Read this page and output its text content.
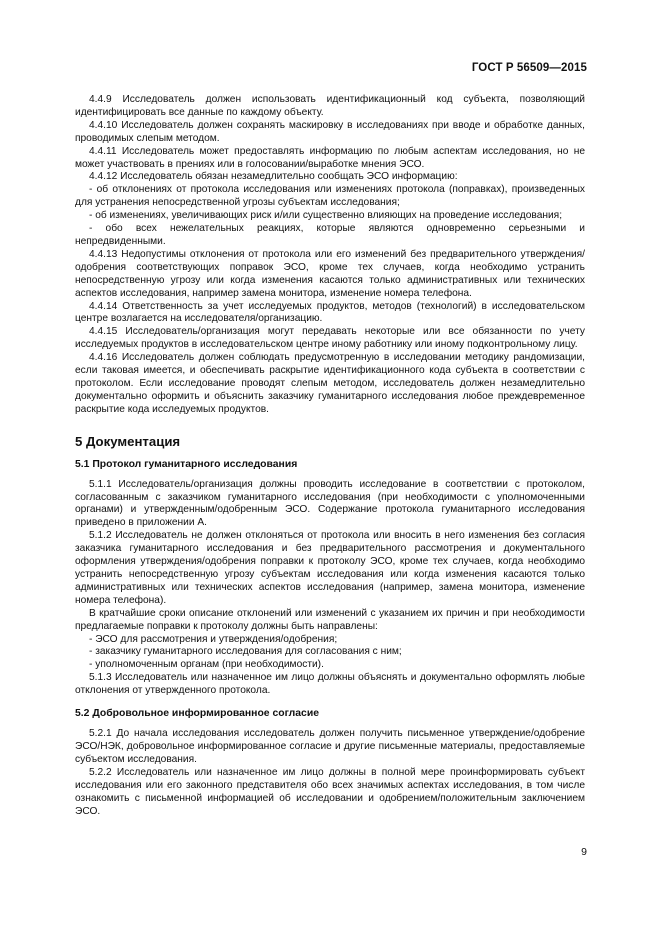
ГОСТ Р 56509—2015

4.4.9 Исследователь должен использовать идентификационный код субъекта, позволяющий идентифицировать все данные по каждому объекту.

4.4.10 Исследователь должен сохранять маскировку в исследованиях при вводе и обработке данных, проводимых слепым методом.

4.4.11 Исследователь может предоставлять информацию по любым аспектам исследования, но не может участвовать в прениях или в голосовании/выработке мнения ЭСО.

4.4.12 Исследователь обязан незамедлительно сообщать ЭСО информацию:

- об отклонениях от протокола исследования или изменениях протокола (поправках), произведенных для устранения непосредственной угрозы субъектам исследования;

- об изменениях, увеличивающих риск и/или существенно влияющих на проведение исследования;

- обо всех нежелательных реакциях, которые являются одновременно серьезными и непредвиденными.

4.4.13 Недопустимы отклонения от протокола или его изменений без предварительного утверждения/одобрения соответствующих поправок ЭСО, кроме тех случаев, когда необходимо устранить непосредственную угрозу или когда изменения касаются только административных или технических аспектов исследования, например замена монитора, изменение номера телефона.

4.4.14 Ответственность за учет исследуемых продуктов, методов (технологий) в исследовательском центре возлагается на исследователя/организацию.

4.4.15 Исследователь/организация могут передавать некоторые или все обязанности по учету исследуемых продуктов в исследовательском центре иному работнику или иному подконтрольному лицу.

4.4.16 Исследователь должен соблюдать предусмотренную в исследовании методику рандомизации, если таковая имеется, и обеспечивать раскрытие идентификационного кода субъекта в соответствии с протоколом. Если исследование проводят слепым методом, исследователь должен незамедлительно документально оформить и объяснить заказчику гуманитарного исследования любое преждевременное раскрытие кода исследуемых продуктов.

5 Документация
5.1 Протокол гуманитарного исследования

5.1.1 Исследователь/организация должны проводить исследование в соответствии с протоколом, согласованным с заказчиком гуманитарного исследования (при необходимости с уполномоченными органами) и утвержденным/одобренным ЭСО. Содержание протокола гуманитарного исследования приведено в приложении А.

5.1.2 Исследователь не должен отклоняться от протокола или вносить в него изменения без согласия заказчика гуманитарного исследования и без предварительного рассмотрения и документального оформления утверждения/одобрения поправки к протоколу ЭСО, кроме тех случаев, когда необходимо устранить непосредственную угрозу субъектам исследования или когда изменения касаются только административных или технических аспектов исследования (например, замена монитора, изменение номера телефона).

В кратчайшие сроки описание отклонений или изменений с указанием их причин и при необходимости предлагаемые поправки к протоколу должны быть направлены:

- ЭСО для рассмотрения и утверждения/одобрения;

- заказчику гуманитарного исследования для согласования с ним;

- уполномоченным органам (при необходимости).

5.1.3 Исследователь или назначенное им лицо должны объяснять и документально оформлять любые отклонения от утвержденного протокола.

5.2 Добровольное информированное согласие

5.2.1 До начала исследования исследователь должен получить письменное утверждение/одобрение ЭСО/НЭК, добровольное информированное согласие и другие письменные материалы, предоставляемые субъектом исследования.

5.2.2 Исследователь или назначенное им лицо должны в полной мере проинформировать субъект исследования или его законного представителя обо всех значимых аспектах исследования, в том числе ознакомить с письменной информацией об исследовании и одобрением/положительным заключением ЭСО.

9
